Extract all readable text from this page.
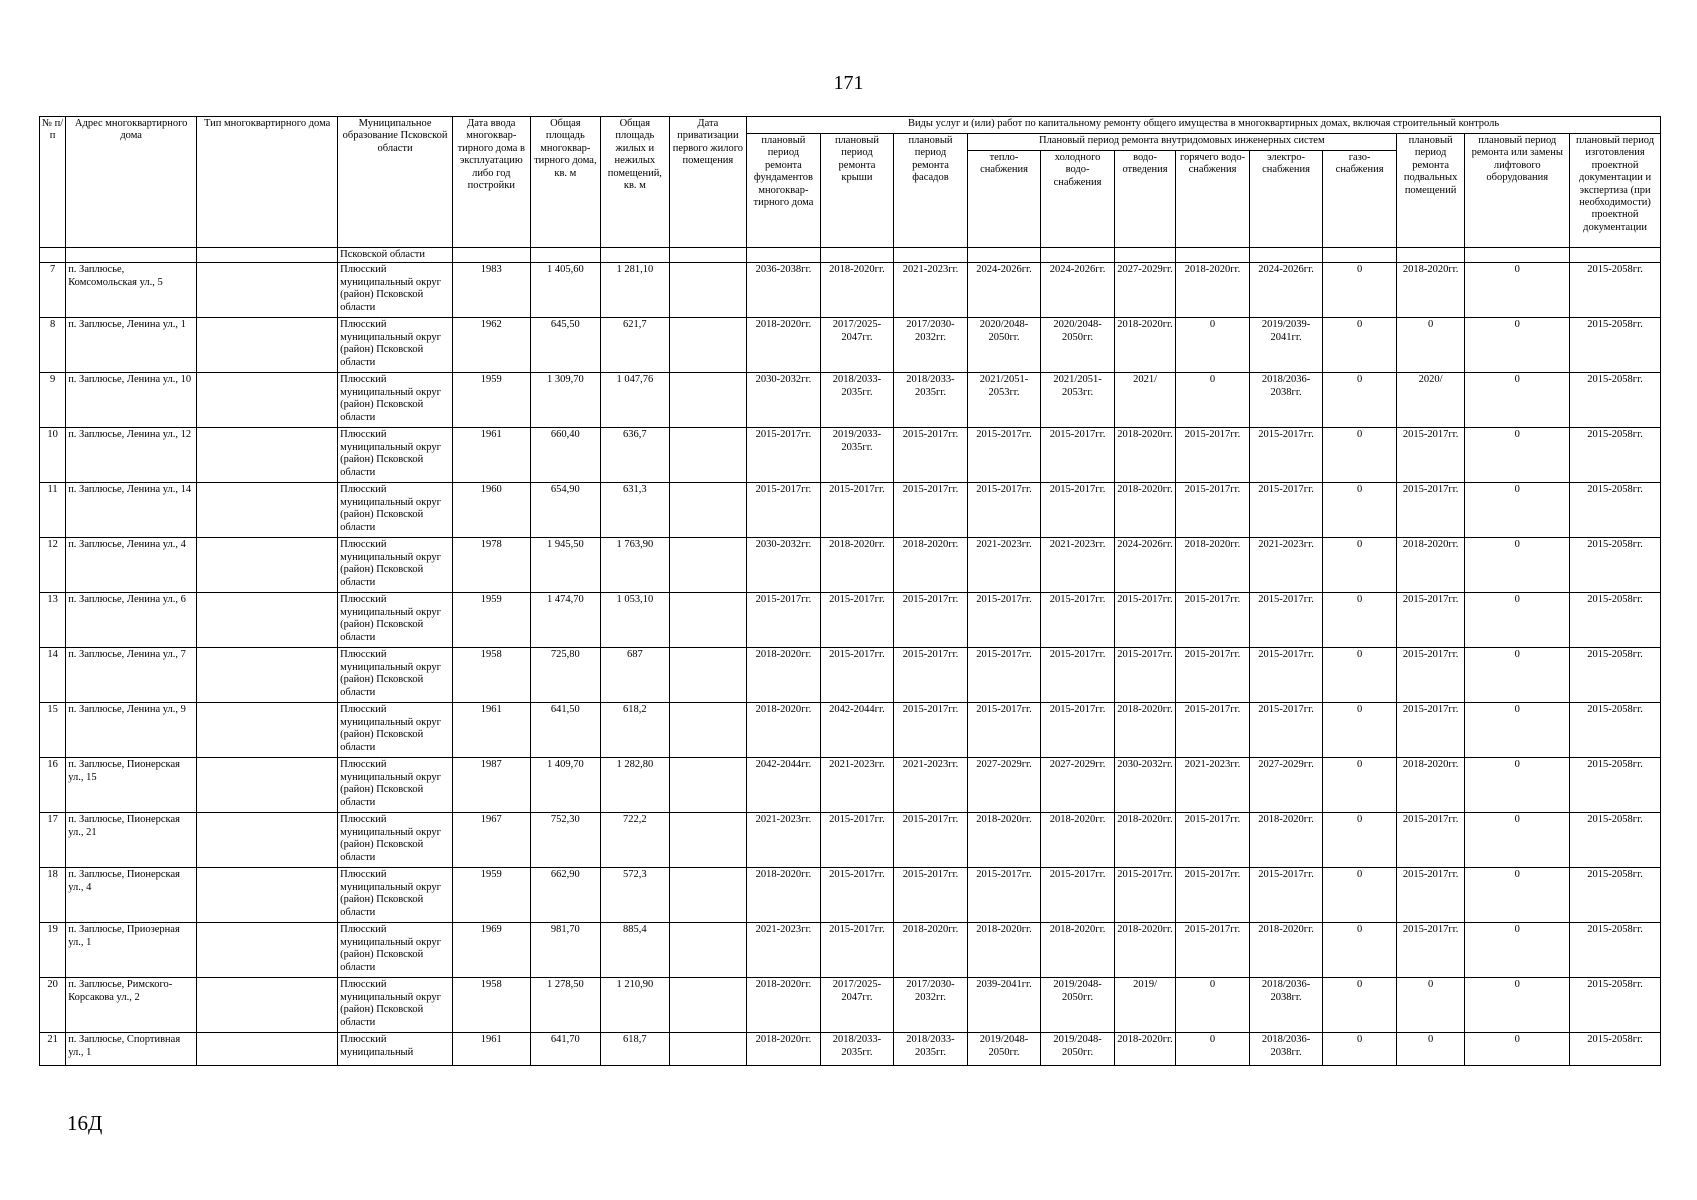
171
№ п/п	Адрес многоквартирного дома	Тип многоквартирного дома	Муниципальное образование Псковской области	Дата ввода многоквар-тирного дома в эксплуатацию либо год постройки	Общая площадь многоквар-тирного дома, кв. м	Общая площадь жилых и нежилых помещений, кв. м	Дата приватизации первого жилого помещения	Виды услуг и (или) работ по капитальному ремонту общего имущества в многоквартирных домах, включая строительный контроль											
								плановый период ремонта фундаментов многоквар-тирного дома	плановый период ремонта крыши	плановый период ремонта фасадов	Плановый период ремонта внутридомовых инженерных систем						плановый период ремонта подвальных помещений	плановый период ремонта или замены лифтового оборудования	плановый период изготовления проектной документации и экспертиза (при необходимости) проектной документации
											тепло-снабжения	холодного водо-снабжения	водо-отведения	горячего водо-снабжения	электро-снабжения	газо-снабжения			
			Псковской области																
7	п. Заплюсье, Комсомольская ул., 5		Плюсский муниципальный округ (район) Псковской области	1983	1 405,60	1 281,10		2036-2038гг.	2018-2020гг.	2021-2023гг.	2024-2026гг.	2024-2026гг.	2027-2029гг.	2018-2020гг.	2024-2026гг.	0	2018-2020гг.	0	2015-2058гг.
8	п. Заплюсье, Ленина ул., 1		Плюсский муниципальный округ (район) Псковской области	1962	645,50	621,7		2018-2020гг.	2017/2025-2047гг.	2017/2030-2032гг.	2020/2048-2050гг.	2020/2048-2050гг.	2018-2020гг.	0	2019/2039-2041гг.	0	0	0	2015-2058гг.
9	п. Заплюсье, Ленина ул., 10		Плюсский муниципальный округ (район) Псковской области	1959	1 309,70	1 047,76		2030-2032гг.	2018/2033-2035гг.	2018/2033-2035гг.	2021/2051-2053гг.	2021/2051-2053гг.	2021/	0	2018/2036-2038гг.	0	2020/	0	2015-2058гг.
10	п. Заплюсье, Ленина ул., 12		Плюсский муниципальный округ (район) Псковской области	1961	660,40	636,7		2015-2017гг.	2019/2033-2035гг.	2015-2017гг.	2015-2017гг.	2015-2017гг.	2018-2020гг.	2015-2017гг.	2015-2017гг.	0	2015-2017гг.	0	2015-2058гг.
11	п. Заплюсье, Ленина ул., 14		Плюсский муниципальный округ (район) Псковской области	1960	654,90	631,3		2015-2017гг.	2015-2017гг.	2015-2017гг.	2015-2017гг.	2015-2017гг.	2018-2020гг.	2015-2017гг.	2015-2017гг.	0	2015-2017гг.	0	2015-2058гг.
12	п. Заплюсье, Ленина ул., 4		Плюсский муниципальный округ (район) Псковской области	1978	1 945,50	1 763,90		2030-2032гг.	2018-2020гг.	2018-2020гг.	2021-2023гг.	2021-2023гг.	2024-2026гг.	2018-2020гг.	2021-2023гг.	0	2018-2020гг.	0	2015-2058гг.
13	п. Заплюсье, Ленина ул., 6		Плюсский муниципальный округ (район) Псковской области	1959	1 474,70	1 053,10		2015-2017гг.	2015-2017гг.	2015-2017гг.	2015-2017гг.	2015-2017гг.	2015-2017гг.	2015-2017гг.	2015-2017гг.	0	2015-2017гг.	0	2015-2058гг.
14	п. Заплюсье, Ленина ул., 7		Плюсский муниципальный округ (район) Псковской области	1958	725,80	687		2018-2020гг.	2015-2017гг.	2015-2017гг.	2015-2017гг.	2015-2017гг.	2015-2017гг.	2015-2017гг.	2015-2017гг.	0	2015-2017гг.	0	2015-2058гг.
15	п. Заплюсье, Ленина ул., 9		Плюсский муниципальный округ (район) Псковской области	1961	641,50	618,2		2018-2020гг.	2042-2044гг.	2015-2017гг.	2015-2017гг.	2015-2017гг.	2018-2020гг.	2015-2017гг.	2015-2017гг.	0	2015-2017гг.	0	2015-2058гг.
16	п. Заплюсье, Пионерская ул., 15		Плюсский муниципальный округ (район) Псковской области	1987	1 409,70	1 282,80		2042-2044гг.	2021-2023гг.	2021-2023гг.	2027-2029гг.	2027-2029гг.	2030-2032гг.	2021-2023гг.	2027-2029гг.	0	2018-2020гг.	0	2015-2058гг.
17	п. Заплюсье, Пионерская ул., 21		Плюсский муниципальный округ (район) Псковской области	1967	752,30	722,2		2021-2023гг.	2015-2017гг.	2015-2017гг.	2018-2020гг.	2018-2020гг.	2018-2020гг.	2015-2017гг.	2018-2020гг.	0	2015-2017гг.	0	2015-2058гг.
18	п. Заплюсье, Пионерская ул., 4		Плюсский муниципальный округ (район) Псковской области	1959	662,90	572,3		2018-2020гг.	2015-2017гг.	2015-2017гг.	2015-2017гг.	2015-2017гг.	2015-2017гг.	2015-2017гг.	2015-2017гг.	0	2015-2017гг.	0	2015-2058гг.
19	п. Заплюсье, Приозерная ул., 1		Плюсский муниципальный округ (район) Псковской области	1969	981,70	885,4		2021-2023гг.	2015-2017гг.	2018-2020гг.	2018-2020гг.	2018-2020гг.	2018-2020гг.	2015-2017гг.	2018-2020гг.	0	2015-2017гг.	0	2015-2058гг.
20	п. Заплюсье, Римского-Корсакова ул., 2		Плюсский муниципальный округ (район) Псковской области	1958	1 278,50	1 210,90		2018-2020гг.	2017/2025-2047гг.	2017/2030-2032гг.	2039-2041гг.	2019/2048-2050гг.	2019/	0	2018/2036-2038гг.	0	0	0	2015-2058гг.
21	п. Заплюсье, Спортивная ул., 1		Плюсский муниципальный	1961	641,70	618,7		2018-2020гг.	2018/2033-2035гг.	2018/2033-2035гг.	2019/2048-2050гг.	2019/2048-2050гг.	2018-2020гг.	0	2018/2036-2038гг.	0	0	0	2015-2058гг.
16Д
